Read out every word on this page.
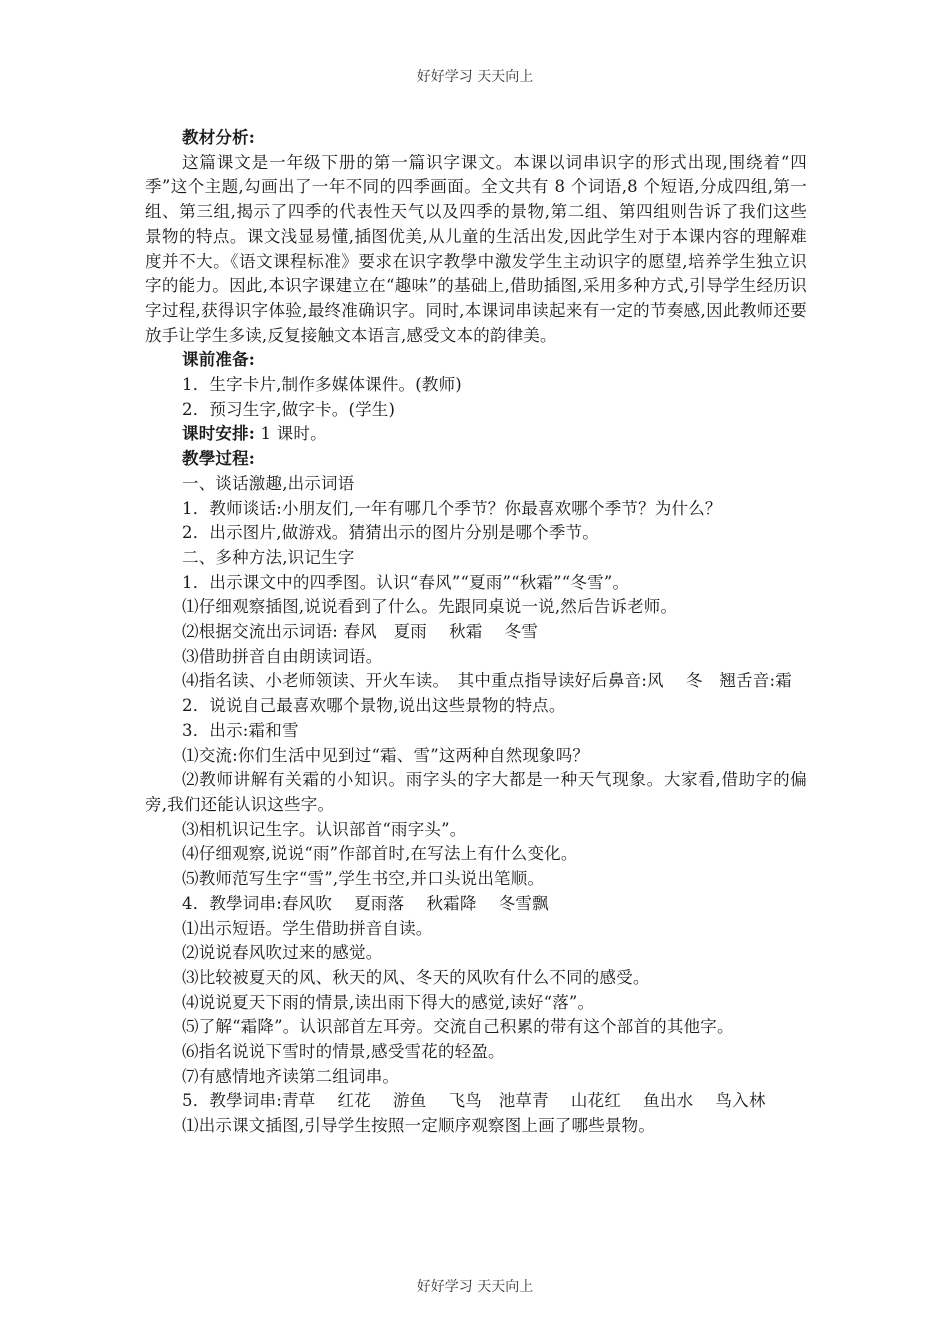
好好学习 天天向上

教材分析:

这篇课文是一年级下册的第一篇识字课文。本课以词串识字的形式出现,围绕着“四季”这个主题,勾画出了一年不同的四季画面。全文共有 8 个词语,8 个短语,分成四组,第一组、第三组,揭示了四季的代表性天气以及四季的景物,第二组、第四组则告诉了我们这些景物的特点。课文浅显易懂,插图优美,从儿童的生活出发,因此学生对于本课内容的理解难度并不大。《语文课程标准》要求在识字教學中激发学生主动识字的愿望,培养学生独立识字的能力。因此,本识字课建立在“趣味”的基础上,借助插图,采用多种方式,引导学生经历识字过程,获得识字体验,最终准确识字。同时,本课词串读起来有一定的节奏感,因此教师还要放手让学生多读,反复接触文本语言,感受文本的韵律美。

课前准备:

1．生字卡片,制作多媒体课件。(教师)

2．预习生字,做字卡。(学生)

课时安排: 1 课时。

教學过程:

一、谈话激趣,出示词语

1．教师谈话:小朋友们,一年有哪几个季节？你最喜欢哪个季节？为什么？

2．出示图片,做游戏。猜猜出示的图片分别是哪个季节。

二、多种方法,识记生字

1．出示课文中的四季图。认识“春风”“夏雨”“秋霜”“冬雪”。

⑴仔细观察插图,说说看到了什么。先跟同桌说一说,然后告诉老师。

⑵根据交流出示词语: 春风　夏雨　 秋霜　 冬雪

⑶借助拼音自由朗读词语。

⑷指名读、小老师领读、开火车读。　其中重点指导读好后鼻音:风　 冬　翘舌音:霜

2．说说自己最喜欢哪个景物,说出这些景物的特点。

3．出示:霜和雪

⑴交流:你们生活中见到过“霜、雪”这两种自然现象吗？

⑵教师讲解有关霜的小知识。雨字头的字大都是一种天气现象。大家看,借助字的偏旁,我们还能认识这些字。

⑶相机识记生字。认识部首“雨字头”。

⑷仔细观察,说说“雨”作部首时,在写法上有什么变化。

⑸教师范写生字“雪”,学生书空,并口头说出笔顺。

4．教學词串:春风吹　 夏雨落　 秋霜降　 冬雪飘

⑴出示短语。学生借助拼音自读。

⑵说说春风吹过来的感觉。

⑶比较被夏天的风、秋天的风、冬天的风吹有什么不同的感受。

⑷说说夏天下雨的情景,读出雨下得大的感觉,读好“落”。

⑸了解“霜降”。认识部首左耳旁。交流自己积累的带有这个部首的其他字。

⑹指名说说下雪时的情景,感受雪花的轻盈。

⑺有感情地齐读第二组词串。

5．教學词串:青草　 红花　 游鱼　 飞鸟　池草青　 山花红　 鱼出水　 鸟入林

⑴出示课文插图,引导学生按照一定顺序观察图上画了哪些景物。

好好学习 天天向上
